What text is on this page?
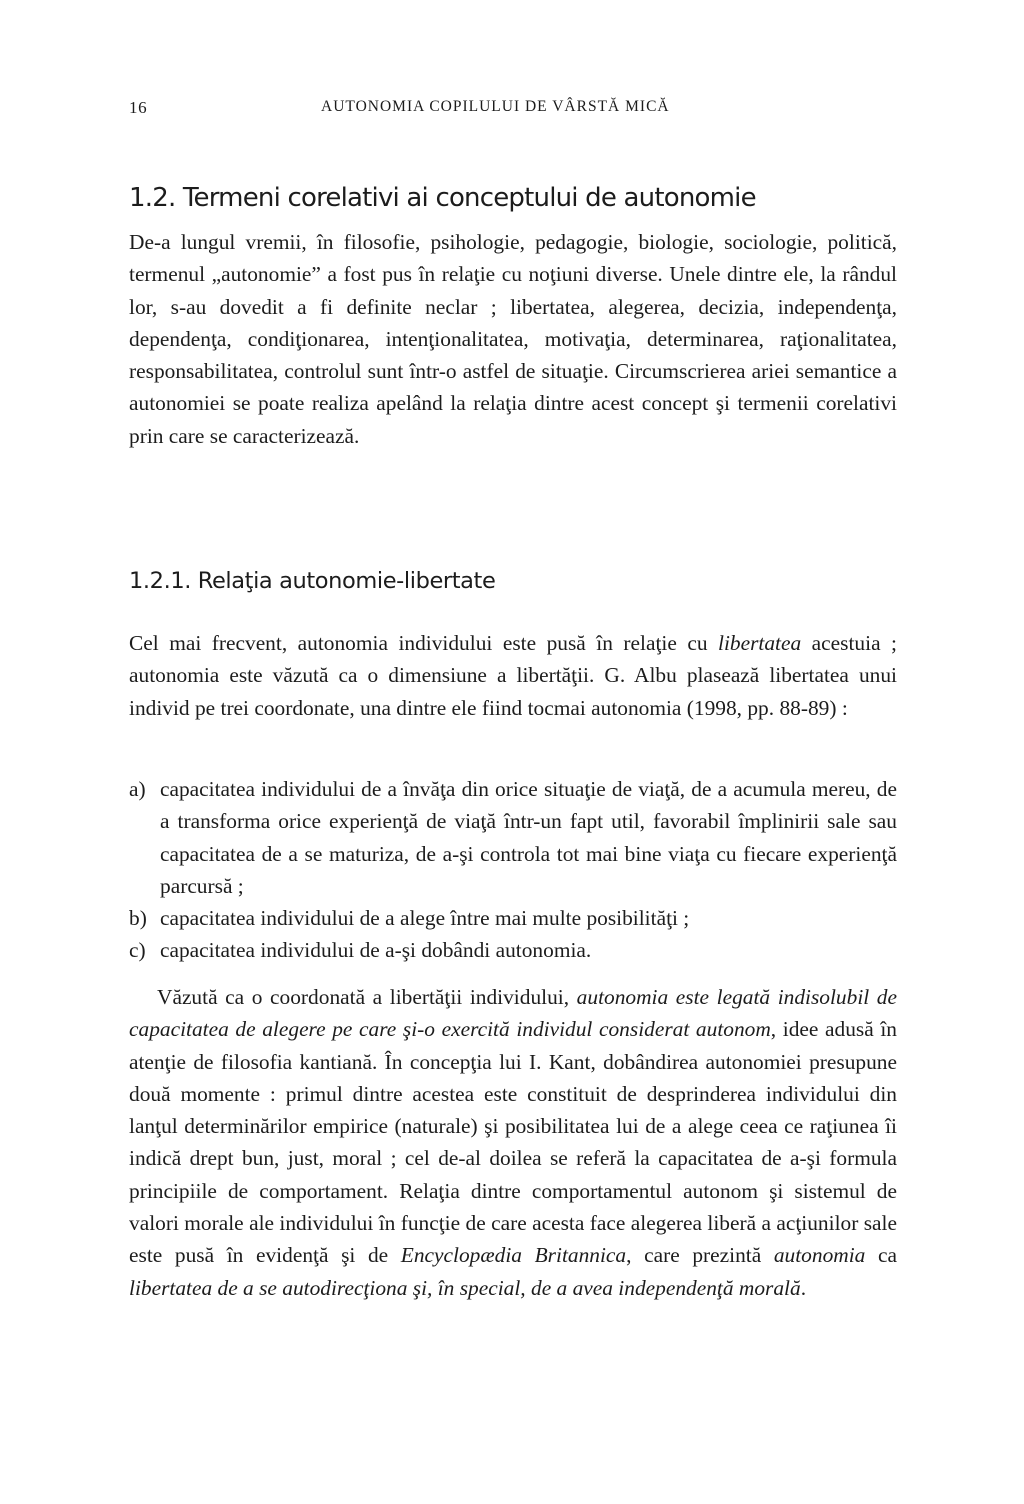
16	AUTONOMIA COPILULUI DE VÂRSTĂ MICĂ
1.2. Termeni corelativi ai conceptului de autonomie

De-a lungul vremii, în filosofie, psihologie, pedagogie, biologie, sociologie, politică, termenul „autonomie” a fost pus în relaţie cu noţiuni diverse. Unele dintre ele, la rândul lor, s-au dovedit a fi definite neclar ; libertatea, alegerea, decizia, independenţa, dependenţa, condiţionarea, intenţionalitatea, motivaţia, determinarea, raţionalitatea, responsabilitatea, controlul sunt într-o astfel de situaţie. Circumscrierea ariei semantice a autonomiei se poate realiza apelând la relaţia dintre acest concept şi termenii corelativi prin care se caracterizează.

1.2.1. Relaţia autonomie-libertate

Cel mai frecvent, autonomia individului este pusă în relaţie cu libertatea acestuia ; autonomia este văzută ca o dimensiune a libertăţii. G. Albu plasează libertatea unui individ pe trei coordonate, una dintre ele fiind tocmai autonomia (1998, pp. 88-89) :

a) capacitatea individului de a învăţa din orice situaţie de viaţă, de a acumula mereu, de a transforma orice experienţă de viaţă într-un fapt util, favorabil împlinirii sale sau capacitatea de a se maturiza, de a-şi controla tot mai bine viaţa cu fiecare experienţă parcursă ;
b) capacitatea individului de a alege între mai multe posibilităţi ;
c) capacitatea individului de a-şi dobândi autonomia.

Văzută ca o coordonată a libertăţii individului, autonomia este legată indisolubil de capacitatea de alegere pe care şi-o exercită individul considerat autonom, idee adusă în atenţie de filosofia kantiană. În concepţia lui I. Kant, dobândirea autonomiei presupune două momente : primul dintre acestea este constituit de desprinderea individului din lanţul determinărilor empirice (naturale) şi posibilitatea lui de a alege ceea ce raţiunea îi indică drept bun, just, moral ; cel de-al doilea se referă la capacitatea de a-şi formula principiile de comportament. Relaţia dintre comportamentul autonom şi sistemul de valori morale ale individului în funcţie de care acesta face alegerea liberă a acţiunilor sale este pusă în evidenţă şi de Encyclopædia Britannica, care prezintă autonomia ca libertatea de a se autodirecţiona şi, în special, de a avea independenţă morală.
